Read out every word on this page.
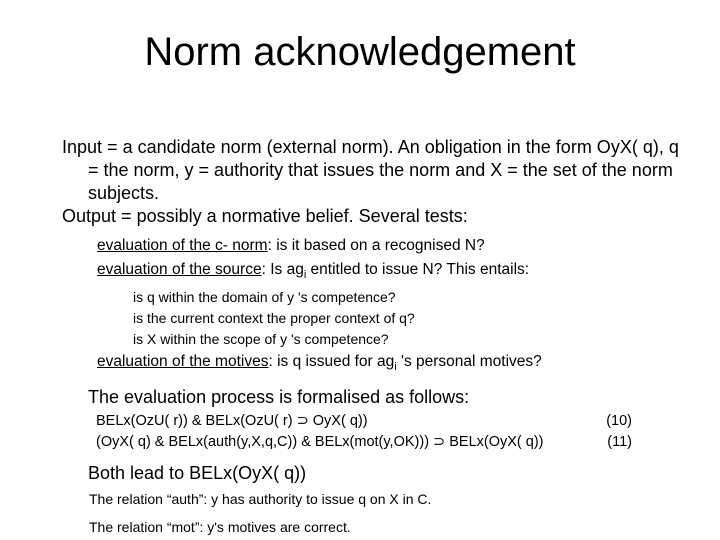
Norm acknowledgement
Input = a candidate norm (external norm). An obligation in the form OyX( q), q = the norm, y = authority that issues the norm and X = the set of the norm subjects.
Output = possibly a normative belief. Several tests:
evaluation of the c- norm: is it based on a recognised N?
evaluation of the source: Is $ag_i$ entitled to issue N? This entails:
is q within the domain of y 's competence?
is the current context the proper context of q?
is X within the scope of y 's competence?
evaluation of the motives: is q issued for $ag_i$ 's personal motives?
The evaluation process is formalised as follows:
BELx(OzU( r)) & BELx(OzU( r) ⊃ OyX( q))	(10)
(OyX( q) & BELx(auth(y,X,q,C)) & BELx(mot(y,OK))) ⊃ BELx(OyX( q))	(11)
Both lead to BELx(OyX( q))
The relation “auth”: y has authority to issue q on X in C.
The relation “mot”: y's motives are correct.
